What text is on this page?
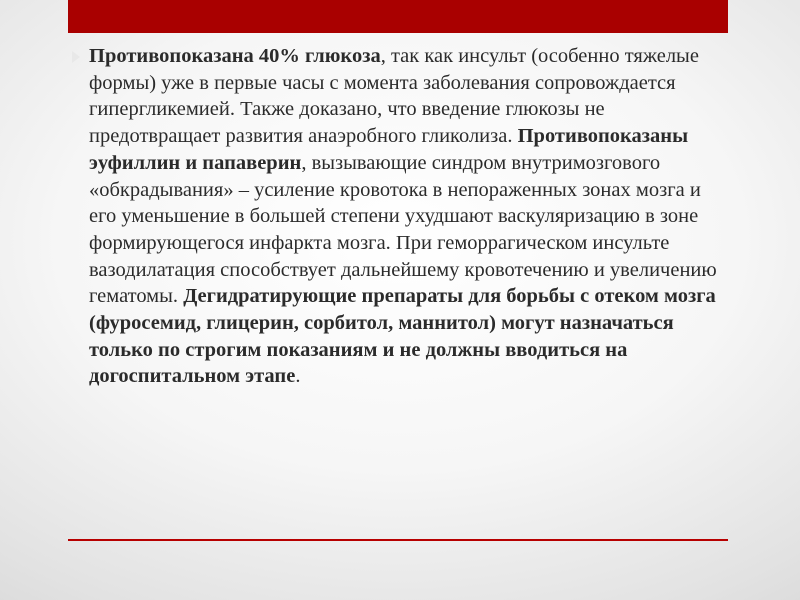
Противопоказана 40% глюкоза, так как инсульт (особенно тяжелые формы) уже в первые часы с момента заболевания сопровождается гипергликемией. Также доказано, что введение глюкозы не предотвращает развития анаэробного гликолиза. Противопоказаны эуфиллин и папаверин, вызывающие синдром внутримозгового «обкрадывания» – усиление кровотока в непораженных зонах мозга и его уменьшение в большей степени ухудшают васкуляризацию в зоне формирующегося инфаркта мозга. При геморрагическом инсульте вазодилатация способствует дальнейшему кровотечению и увеличению гематомы. Дегидратирующие препараты для борьбы с отеком мозга (фуросемид, глицерин, сорбитол, маннитол) могут назначаться только по строгим показаниям и не должны вводиться на догоспитальном этапе.
